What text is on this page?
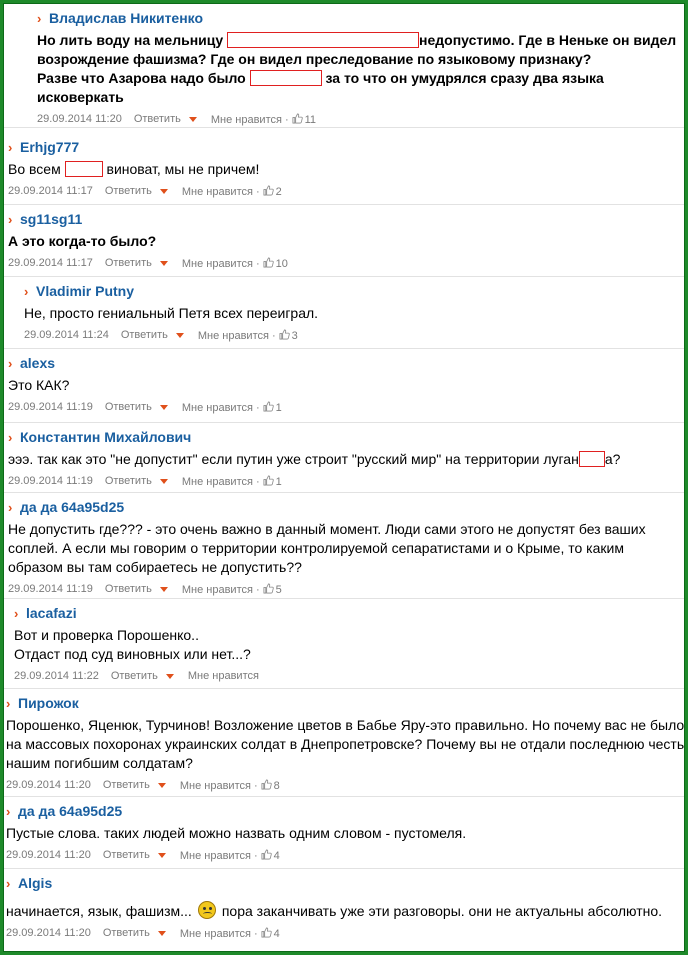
› Владислав Никитенко
Но лить воду на мельницу	недопустимо. Где в Неньке он видел
возрождение фашизма? Где он видел преследование по языковому признаку?
Разве что Азарова надо было	за то что он умудрялся сразу два языка
исковеркать
29.09.2014 11:20 Ответить	Мне нравится · 11
› Erhjg777
Во всем	виноват, мы не причем!
29.09.2014 11:17 Ответить	Мне нравится · 2
› sg11sg11
А это когда-то было?
29.09.2014 11:17 Ответить	Мне нравится · 10
› Vladimir Putny
Не, просто гениальный Петя всех переиграл.
29.09.2014 11:24 Ответить	Мне нравится · 3
› alexs
Это КАК?
29.09.2014 11:19 Ответить	Мне нравится · 1
› Константин Михайлович
эээ. так как это "не допустит" если путин уже строит "русский мир" на территории луган а?
29.09.2014 11:19 Ответить	Мне нравится · 1
› да да 64a95d25
Не допустить где??? - это очень важно в данный момент. Люди сами этого не допустят без ваших
соплей. А если мы говорим о территории контролируемой сепаратистами и о Крыме, то каким
образом вы там собираетесь не допустить??
29.09.2014 11:19 Ответить	Мне нравится · 5
› lacafazi
Вот и проверка Порошенко..
Отдаст под суд виновных или нет...?
29.09.2014 11:22 Ответить	Мне нравится
› Пирожок
Порошенко, Яценюк, Турчинов! Возложение цветов в Бабье Яру-это правильно. Но почему вас не было
на массовых похоронах украинских солдат в Днепропетровске? Почему вы не отдали последнюю честь
нашим погибшим солдатам?
29.09.2014 11:20 Ответить	Мне нравится · 8
› да да 64a95d25
Пустые слова. таких людей можно назвать одним словом - пустомеля.
29.09.2014 11:20 Ответить	Мне нравится · 4
› Algis
начинается, язык, фашизм... пора заканчивать уже эти разговоры. они не актуальны абсолютно.
29.09.2014 11:20 Ответить	Мне нравится · 4
